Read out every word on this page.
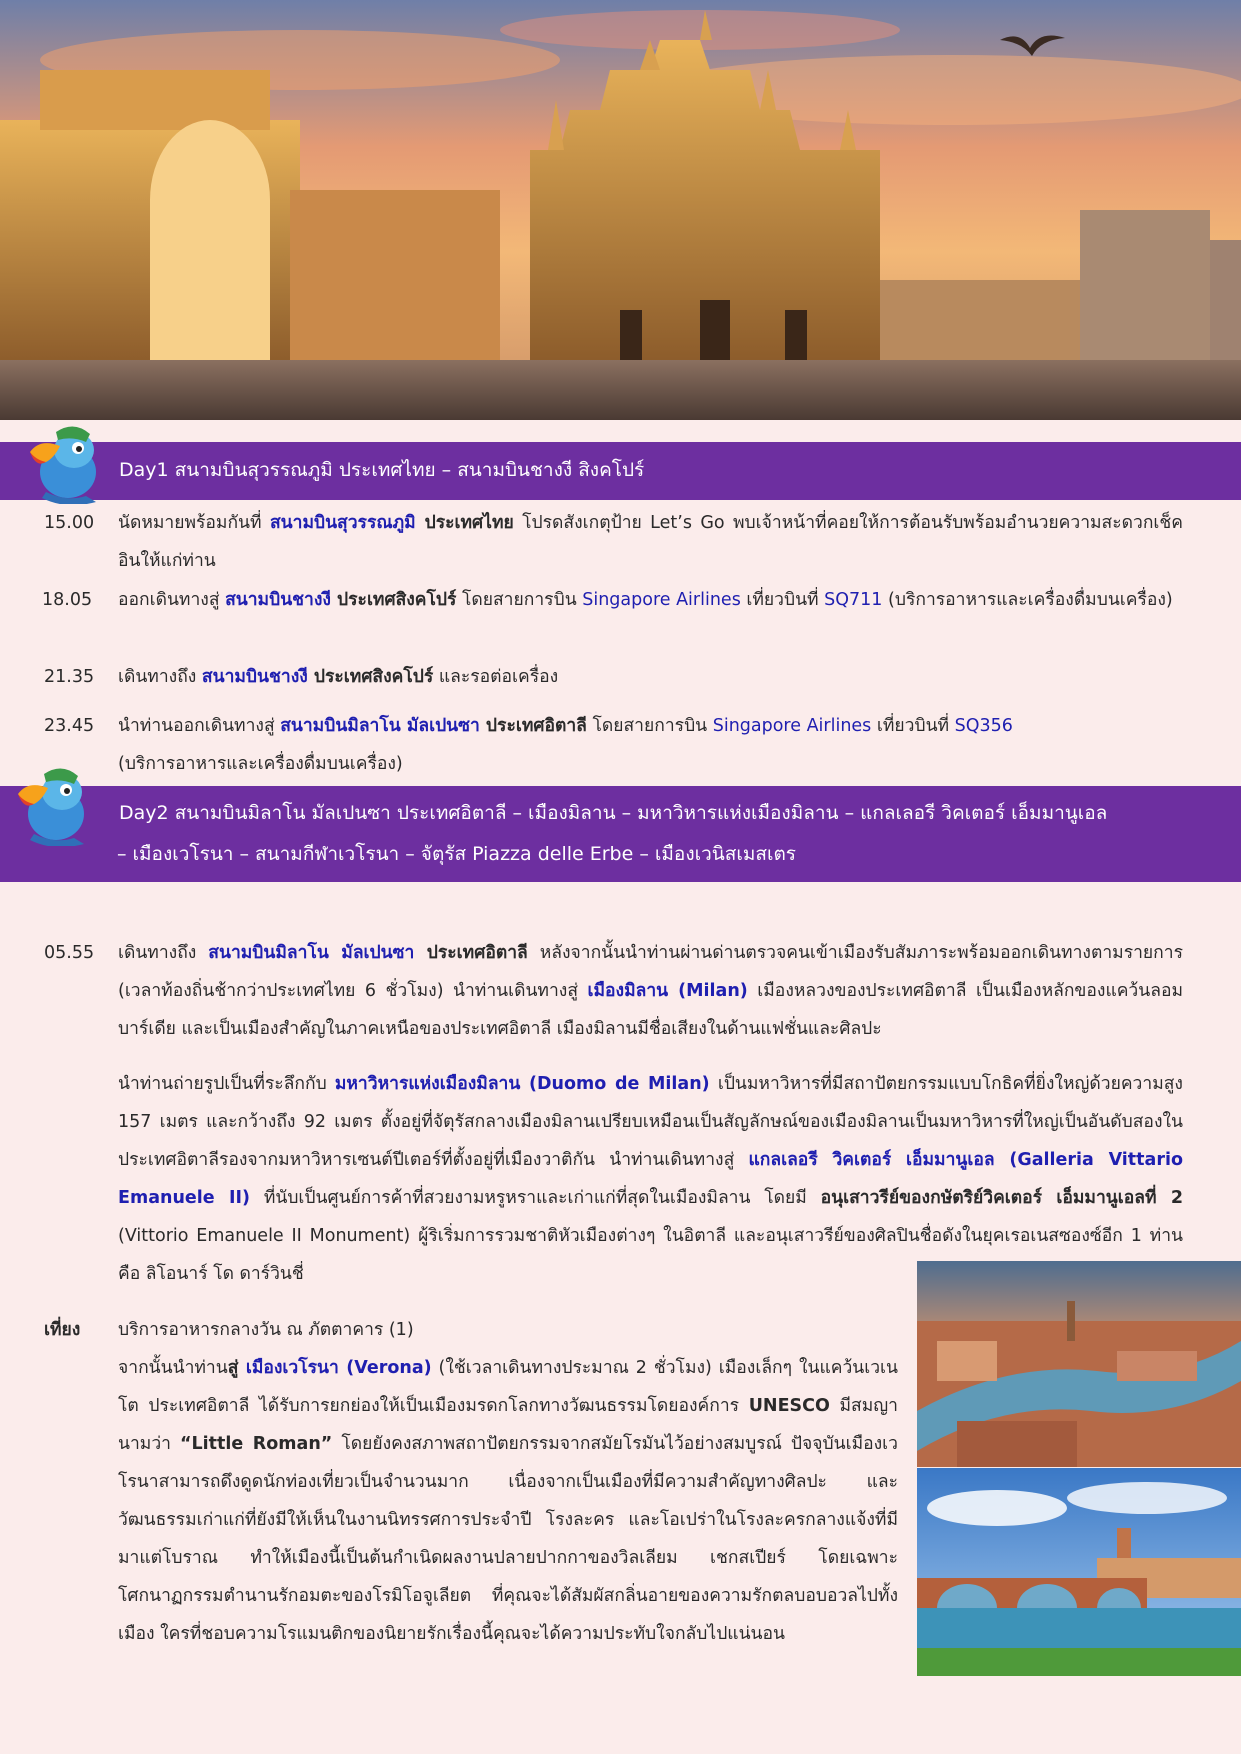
Day1 สนามบินสุวรรณภูมิ ประเทศไทย – สนามบินชางงี สิงคโปร์
15.00 นัดหมายพร้อมกันที่ สนามบินสุวรรณภูมิ ประเทศไทย โปรดสังเกตุป้าย Let’s Go พบเจ้าหน้าที่คอยให้การต้อนรับพร้อมอำนวยความสะดวกเช็คอินให้แก่ท่าน
18.05 ออกเดินทางสู่ สนามบินชางงี ประเทศสิงคโปร์ โดยสายการบิน Singapore Airlines เที่ยวบินที่ SQ711 (บริการอาหารและเครื่องดื่มบนเครื่อง)
21.35 เดินทางถึง สนามบินชางงี ประเทศสิงคโปร์ และรอต่อเครื่อง
23.45 นำท่านออกเดินทางสู่ สนามบินมิลาโน มัลเปนซา ประเทศอิตาลี โดยสายการบิน Singapore Airlines เที่ยวบินที่ SQ356
(บริการอาหารและเครื่องดื่มบนเครื่อง)
Day2 สนามบินมิลาโน มัลเปนซา ประเทศอิตาลี – เมืองมิลาน – มหาวิหารแห่งเมืองมิลาน – แกลเลอรี วิคเตอร์ เอ็มมานูเอล
– เมืองเวโรนา – สนามกีฬาเวโรนา – จัตุรัส Piazza delle Erbe – เมืองเวนิสเมสเตร
05.55 เดินทางถึง สนามบินมิลาโน มัลเปนซา ประเทศอิตาลี หลังจากนั้นนำท่านผ่านด่านตรวจคนเข้าเมืองรับสัมภาระพร้อมออกเดินทางตามรายการ (เวลาท้องถิ่นช้ากว่าประเทศไทย 6 ชั่วโมง) นำท่านเดินทางสู่ เมืองมิลาน (Milan) เมืองหลวงของประเทศอิตาลี เป็นเมืองหลักของแคว้นลอมบาร์เดีย และเป็นเมืองสำคัญในภาคเหนือของประเทศอิตาลี เมืองมิลานมีชื่อเสียงในด้านแฟชั่นและศิลปะ
นำท่านถ่ายรูปเป็นที่ระลึกกับ มหาวิหารแห่งเมืองมิลาน (Duomo de Milan) เป็นมหาวิหารที่มีสถาปัตยกรรมแบบโกธิคที่ยิ่งใหญ่ด้วยความสูง 157 เมตร และกว้างถึง 92 เมตร ตั้งอยู่ที่จัตุรัสกลางเมืองมิลานเปรียบเหมือนเป็นสัญลักษณ์ของเมืองมิลานเป็นมหาวิหารที่ใหญ่เป็นอันดับสองใน ประเทศอิตาลีรองจากมหาวิหารเซนต์ปีเตอร์ที่ตั้งอยู่ที่เมืองวาติกัน นำท่านเดินทางสู่ แกลเลอรี วิคเตอร์ เอ็มมานูเอล (Galleria Vittario Emanuele II) ที่นับเป็นศูนย์การค้าที่สวยงามหรูหราและเก่าแก่ที่สุดในเมืองมิลาน โดยมี อนุเสาวรีย์ของกษัตริย์วิคเตอร์ เอ็มมานูเอลที่ 2 (Vittorio Emanuele II Monument) ผู้ริเริ่มการรวมชาติหัวเมืองต่างๆ ในอิตาลี และอนุเสาวรีย์ของศิลปินชื่อดังในยุคเรอเนสซองซ์อีก 1 ท่านคือ ลิโอนาร์ โด ดาร์วินชี่
เที่ยง บริการอาหารกลางวัน ณ ภัตตาคาร (1)
จากนั้นนำท่านสู่ เมืองเวโรนา (Verona) (ใช้เวลาเดินทางประมาณ 2 ชั่วโมง) เมืองเล็กๆ ในแคว้นเวเนโต ประเทศอิตาลี ได้รับการยกย่องให้เป็นเมืองมรดกโลกทางวัฒนธรรมโดยองค์การ UNESCO มีสมญานามว่า “Little Roman” โดยยังคงสภาพสถาปัตยกรรมจากสมัยโรมันไว้อย่างสมบูรณ์ ปัจจุบันเมืองเวโรนาสามารถดึงดูดนักท่องเที่ยวเป็นจำนวนมาก เนื่องจากเป็นเมืองที่มีความสำคัญทางศิลปะ และวัฒนธรรมเก่าแก่ที่ยังมีให้เห็นในงานนิทรรศการประจำปี โรงละคร และโอเปร่าในโรงละครกลางแจ้งที่มีมาแต่โบราณ ทำให้เมืองนี้เป็นต้นกำเนิดผลงานปลายปากกาของวิลเลียม เชกสเปียร์ โดยเฉพาะโศกนาฏกรรมตำนานรักอมตะของโรมิโอจูเลียต ที่คุณจะได้สัมผัสกลิ่นอายของความรักตลบอบอวลไปทั้งเมือง ใครที่ชอบความโรแมนติกของนิยายรักเรื่องนี้คุณจะได้ความประทับใจกลับไปแน่นอน
